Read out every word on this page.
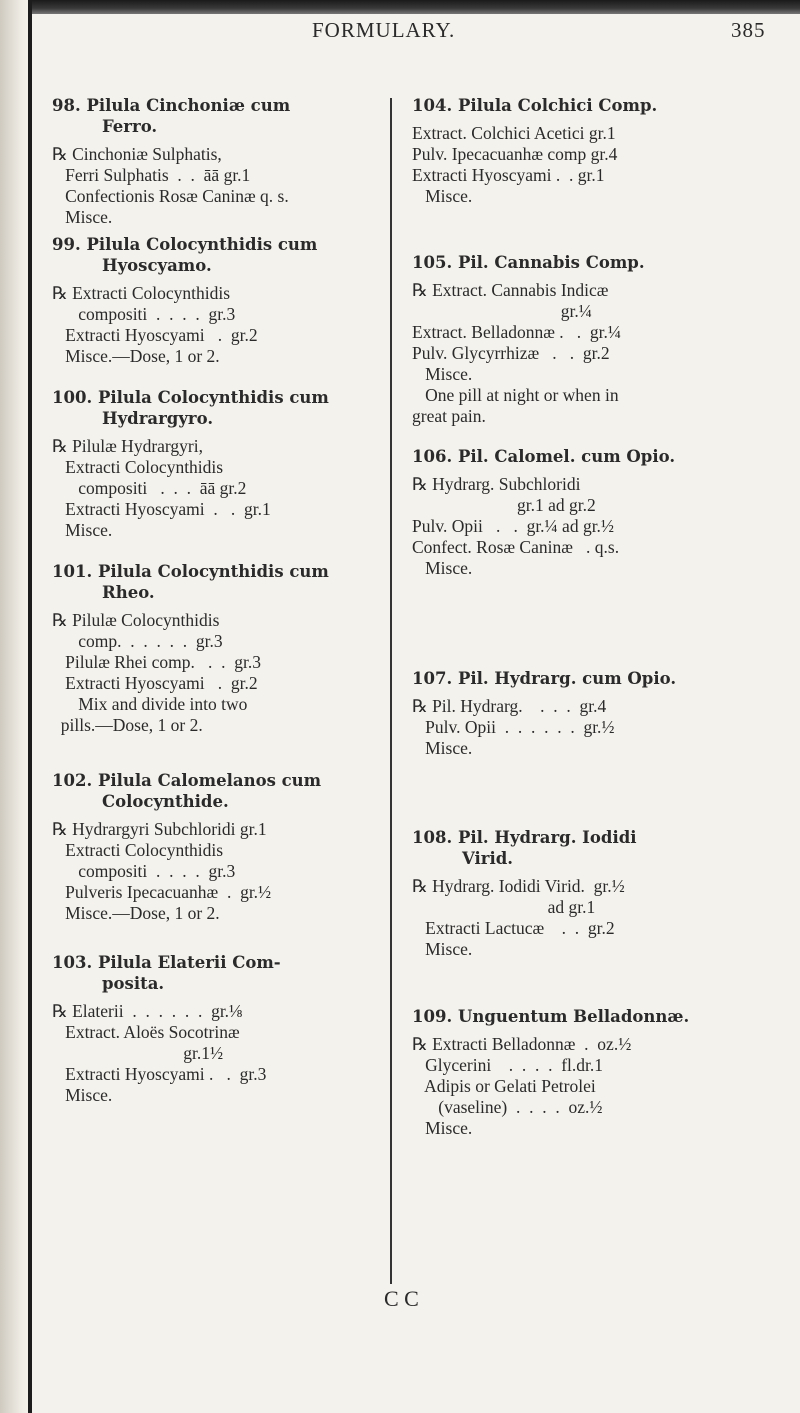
FORMULARY.	385
98. Pilula Cinchoniæ cum
Ferro.
℞ Cinchoniæ Sulphatis,
Ferri Sulphatis  .  .  āā gr.1
Confectionis Rosæ Caninæ q. s.
Misce.
99. Pilula Colocynthidis cum
Hyoscyamo.
℞ Extracti Colocynthidis
compositi  .  .  .  .  gr.3
Extracti Hyoscyami   .  gr.2
Misce.—Dose, 1 or 2.
100. Pilula Colocynthidis cum
Hydrargyro.
℞ Pilulæ Hydrargyri,
Extracti Colocynthidis
compositi   .  .  .  āā gr.2
Extracti Hyoscyami  .   .  gr.1
Misce.
101. Pilula Colocynthidis cum
Rheo.
℞ Pilulæ Colocynthidis
comp.  .  .  .  .  .  gr.3
Pilulæ Rhei comp.   .  .  gr.3
Extracti Hyoscyami   .  gr.2
Mix and divide into two
pills.—Dose, 1 or 2.
102. Pilula Calomelanos cum
Colocynthide.
℞ Hydrargyri Subchloridi gr.1
Extracti Colocynthidis
compositi  .  .  .  .  gr.3
Pulveris Ipecacuanhæ  .  gr.½
Misce.—Dose, 1 or 2.
103. Pilula Elaterii Com-
posita.
℞ Elaterii  .  .  .  .  .  .  gr.⅛
Extract. Aloës Socotrinæ
gr.1½
Extracti Hyoscyami .   .  gr.3
Misce.
104. Pilula Colchici Comp.
Extract. Colchici Acetici gr.1
Pulv. Ipecacuanhæ comp gr.4
Extracti Hyoscyami .  . gr.1
Misce.
105. Pil. Cannabis Comp.
℞ Extract. Cannabis Indicæ
gr.¼
Extract. Belladonnæ .   .  gr.¼
Pulv. Glycyrrhizæ   .   .  gr.2
Misce.
One pill at night or when in
great pain.
106. Pil. Calomel. cum Opio.
℞ Hydrarg. Subchloridi
gr.1 ad gr.2
Pulv. Opii   .   .  gr.¼ ad gr.½
Confect. Rosæ Caninæ   . q.s.
Misce.
107. Pil. Hydrarg. cum Opio.
℞ Pil. Hydrarg.    .  .  .  gr.4
Pulv. Opii  .  .  .  .  .  .  gr.½
Misce.
108. Pil. Hydrarg. Iodidi
Virid.
℞ Hydrarg. Iodidi Virid.  gr.½
ad gr.1
Extracti Lactucæ    .  .  gr.2
Misce.
109. Unguentum Belladonnæ.
℞ Extracti Belladonnæ  .  oz.½
Glycerini    .  .  .  .  fl.dr.1
Adipis or Gelati Petrolei
(vaseline)  .  .  .  .  oz.½
Misce.
C C
